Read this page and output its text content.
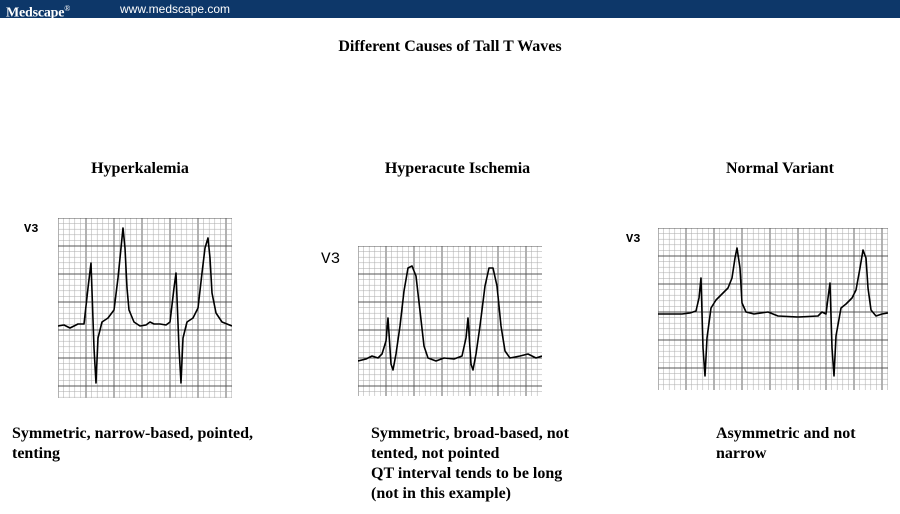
Medscape®	www.medscape.com
Different Causes of Tall T Waves
Hyperkalemia
V3
Symmetric, narrow-based, pointed,
tenting
Hyperacute Ischemia
V3
Symmetric, broad-based, not
tented, not pointed
QT interval tends to be long
(not in this example)
Normal Variant
V3
Asymmetric and not
narrow
